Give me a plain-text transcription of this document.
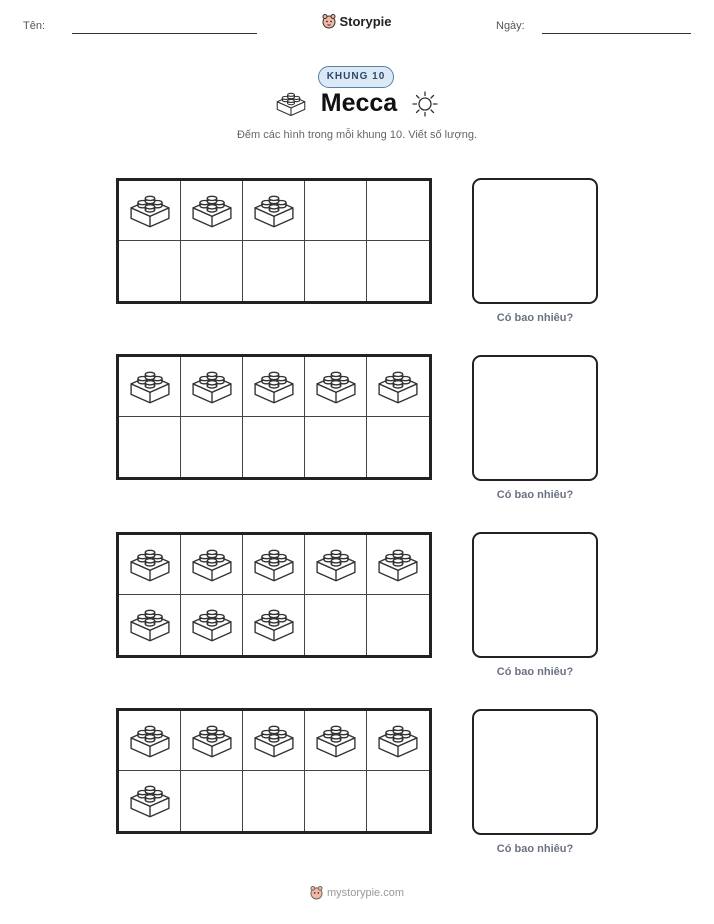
Tên:	Storypie	Ngày:
KHUNG 10
Mecca
Đếm các hình trong mỗi khung 10. Viết số lượng.
Có bao nhiêu?
Có bao nhiêu?
Có bao nhiêu?
Có bao nhiêu?
mystorypie.com
